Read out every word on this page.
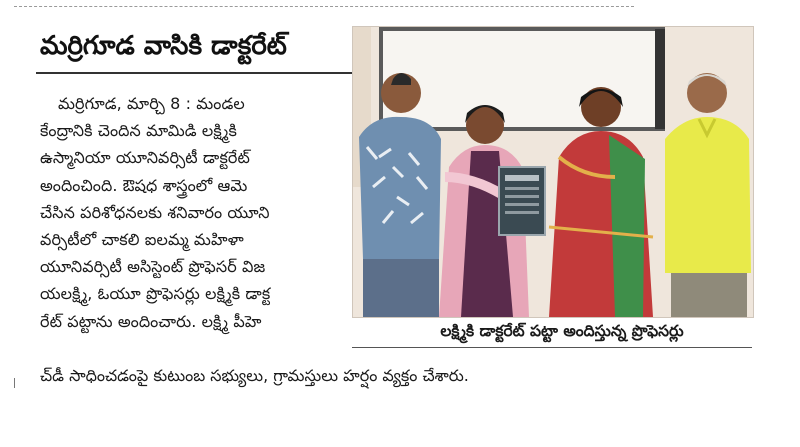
మర్రిగూడ వాసికి డాక్టరేట్

మర్రిగూడ, మార్చి 8 : మండల

కేంద్రానికి చెందిన మామిడి లక్ష్మికి

ఉస్మానియా యూనివర్సిటీ డాక్టరేట్

అందించింది. ఔషధ శాస్త్రంలో ఆమె

చేసిన పరిశోధనలకు శనివారం యూని

వర్సిటీలో చాకలి ఐలమ్మ మహిళా

యూనివర్సిటీ అసిస్టెంట్ ప్రొఫెసర్ విజ

యలక్ష్మి, ఓయూ ప్రొఫెసర్లు లక్ష్మికి డాక్ట

రేట్ పట్టాను అందించారు. లక్ష్మి పీహె

చ్‌డీ సాధించడంపై కుటుంబ సభ్యులు, గ్రామస్తులు హర్షం వ్యక్తం చేశారు.
లక్ష్మికి డాక్టరేట్ పట్టా అందిస్తున్న ప్రొఫెసర్లు
